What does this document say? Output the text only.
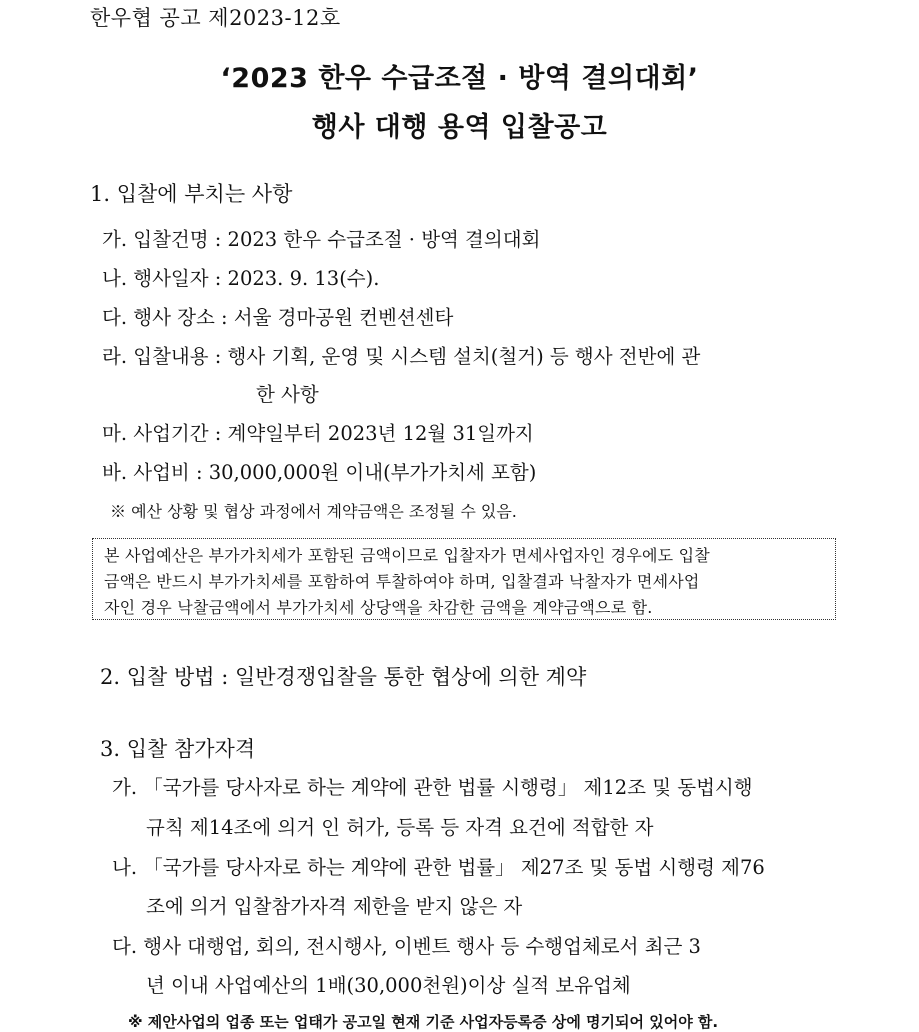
한우협 공고 제2023-12호
‘2023 한우 수급조절 · 방역 결의대회’
행사 대행 용역 입찰공고
1. 입찰에 부치는 사항
가. 입찰건명 : 2023 한우 수급조절 · 방역 결의대회
나. 행사일자 : 2023. 9. 13(수).
다. 행사 장소 : 서울 경마공원 컨벤션센타
라. 입찰내용 : 행사 기획, 운영 및 시스템 설치(철거) 등 행사 전반에 관
한 사항
마. 사업기간 : 계약일부터 2023년 12월 31일까지
바. 사업비 : 30,000,000원 이내(부가가치세 포함)
※ 예산 상황 및 협상 과정에서 계약금액은 조정될 수 있음.
본 사업예산은 부가가치세가 포함된 금액이므로 입찰자가 면세사업자인 경우에도 입찰
금액은 반드시 부가가치세를 포함하여 투찰하여야 하며, 입찰결과 낙찰자가 면세사업
자인 경우 낙찰금액에서 부가가치세 상당액을 차감한 금액을 계약금액으로 함.
2. 입찰 방법 : 일반경쟁입찰을 통한 협상에 의한 계약
3. 입찰 참가자격
가. 「국가를 당사자로 하는 계약에 관한 법률 시행령」 제12조 및 동법시행
규칙 제14조에 의거 인 허가, 등록 등 자격 요건에 적합한 자
나. 「국가를 당사자로 하는 계약에 관한 법률」 제27조 및 동법 시행령 제76
조에 의거 입찰참가자격 제한을 받지 않은 자
다. 행사 대행업, 회의, 전시행사, 이벤트 행사 등 수행업체로서 최근 3
년 이내 사업예산의 1배(30,000천원)이상 실적 보유업체
※ 제안사업의 업종 또는 업태가 공고일 현재 기준 사업자등록증 상에 명기되어 있어야 함.
